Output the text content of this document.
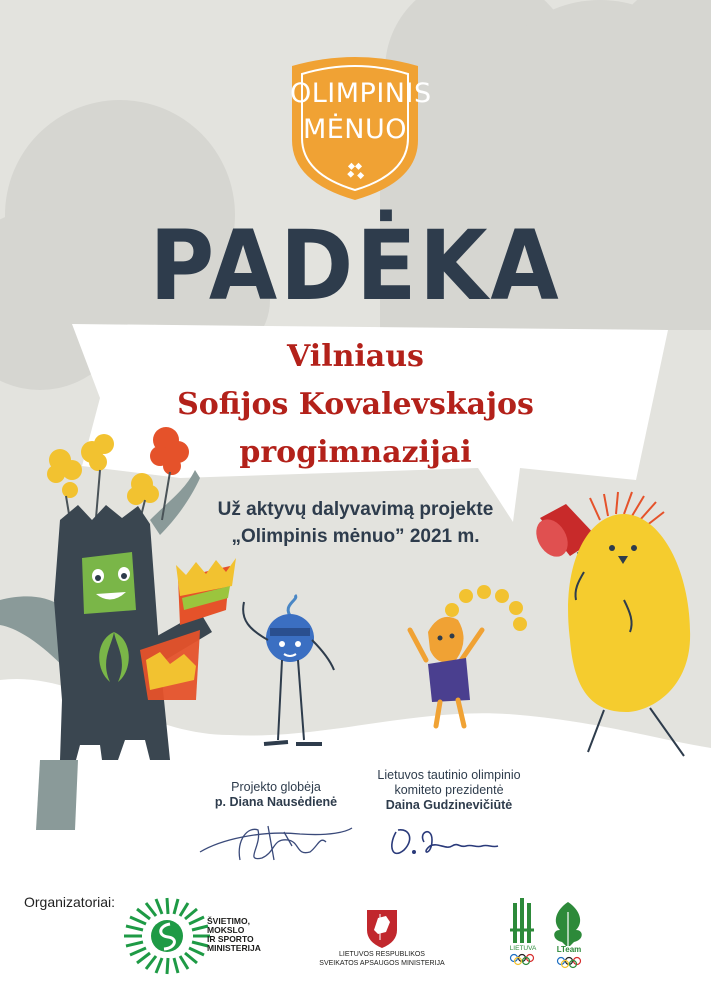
OLIMPINIS
MĖNUO
PADĖKA
Vilniaus
Sofijos Kovalevskajos
progimnazijai
Už aktyvų dalyvavimą projekte
„Olimpinis mėnuo” 2021 m.
Projekto globėja
p. Diana Nausėdienė
Lietuvos tautinio olimpinio
komiteto prezidentė
Daina Gudzinevičiūtė
Organizatoriai:
ŠVIETIMO,
MOKSLO
IR SPORTO
MINISTERIJA
LIETUVOS RESPUBLIKOS
SVEIKATOS APSAUGOS MINISTERIJA
LIETUVA	LTeam
